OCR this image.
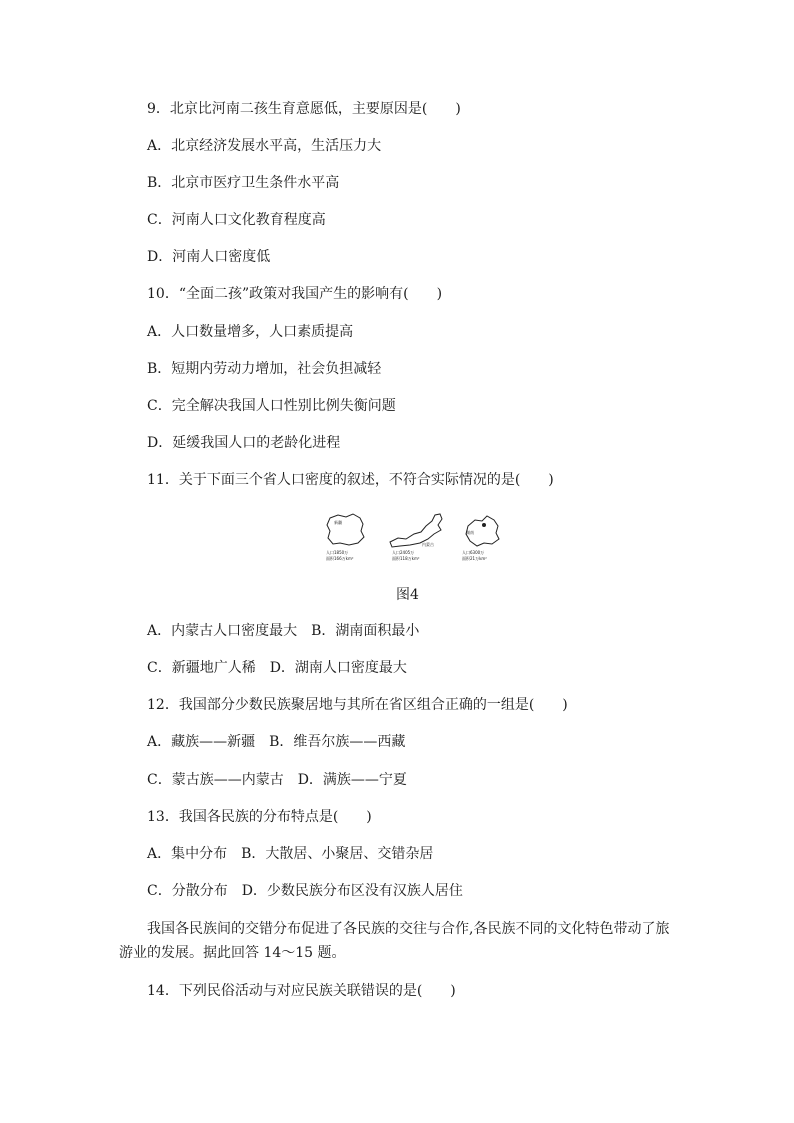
9．北京比河南二孩生育意愿低，主要原因是(　　)

A．北京经济发展水平高，生活压力大

B．北京市医疗卫生条件水平高

C．河南人口文化教育程度高

D．河南人口密度低

10．“全面二孩”政策对我国产生的影响有(　　)

A．人口数量增多，人口素质提高

B．短期内劳动力增加，社会负担减轻

C．完全解决我国人口性别比例失衡问题

D．延缓我国人口的老龄化进程

11．关于下面三个省人口密度的叙述，不符合实际情况的是(　　)

新疆
人口1850万
面积166万km²
内蒙古
人口2405万
面积118万km²
湖南
人口6300万
面积21万km²
图4

A．内蒙古人口密度最大　B．湖南面积最小

C．新疆地广人稀　D．湖南人口密度最大

12．我国部分少数民族聚居地与其所在省区组合正确的一组是(　　)

A．藏族——新疆　B．维吾尔族——西藏

C．蒙古族——内蒙古　D．满族——宁夏

13．我国各民族的分布特点是(　　)

A．集中分布　B．大散居、小聚居、交错杂居

C．分散分布　D．少数民族分布区没有汉族人居住

我国各民族间的交错分布促进了各民族的交往与合作,各民族不同的文化特色带动了旅

游业的发展。据此回答 14～15 题。

14．下列民俗活动与对应民族关联错误的是(　　)
